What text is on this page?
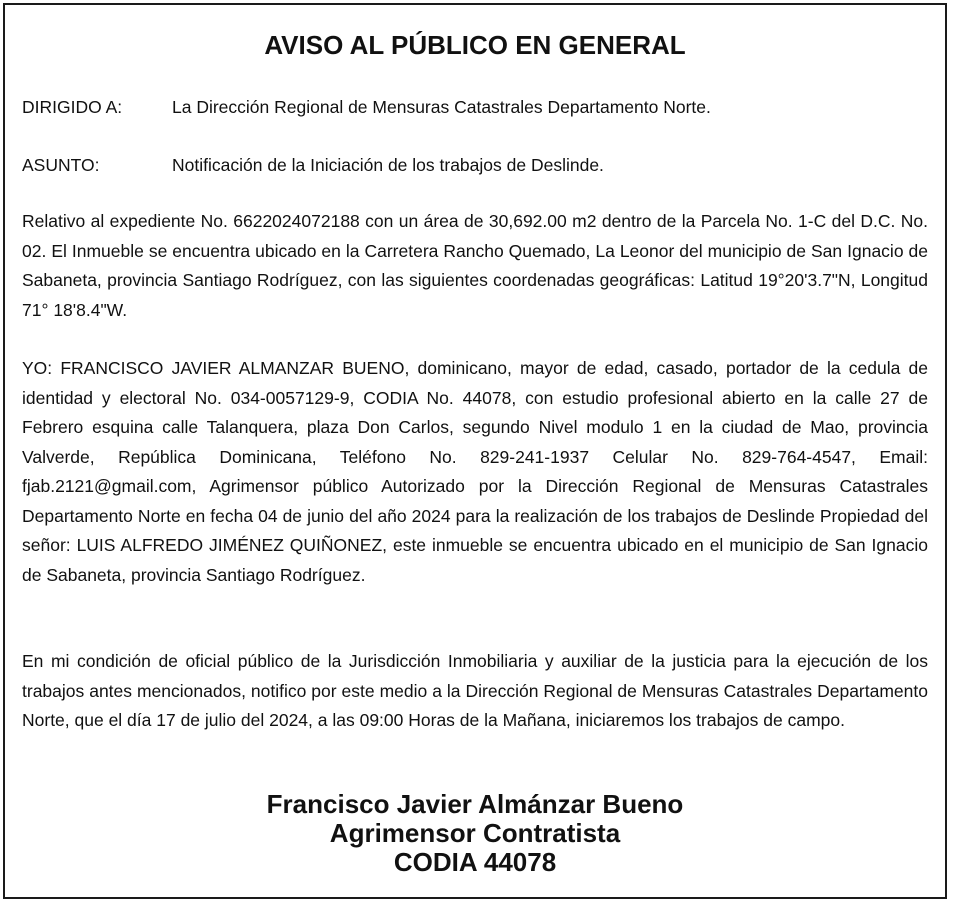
AVISO AL PÚBLICO EN GENERAL
DIRIGIDO A:	La Dirección Regional de Mensuras Catastrales Departamento Norte.
ASUNTO:	Notificación de la Iniciación de los trabajos de Deslinde.
Relativo al expediente No. 6622024072188 con un área de 30,692.00 m2 dentro de la Parcela No. 1-C del D.C. No. 02. El Inmueble se encuentra ubicado en la Carretera Rancho Quemado, La Leonor del municipio de San Ignacio de Sabaneta, provincia Santiago Rodríguez, con las siguientes coordenadas geográficas: Latitud 19°20'3.7"N, Longitud 71° 18'8.4"W.
YO: FRANCISCO JAVIER ALMANZAR BUENO, dominicano, mayor de edad, casado, portador de la cedula de identidad y electoral No. 034-0057129-9, CODIA No. 44078, con estudio profesional abierto en la calle 27 de Febrero esquina calle Talanquera, plaza Don Carlos, segundo Nivel modulo 1 en la ciudad de Mao, provincia Valverde, República Dominicana, Teléfono No. 829-241-1937 Celular No. 829-764-4547, Email: fjab.2121@gmail.com, Agrimensor público Autorizado por la Dirección Regional de Mensuras Catastrales Departamento Norte en fecha 04 de junio del año 2024 para la realización de los trabajos de Deslinde Propiedad del señor: LUIS ALFREDO JIMÉNEZ QUIÑONEZ, este inmueble se encuentra ubicado en el municipio de San Ignacio de Sabaneta, provincia Santiago Rodríguez.
En mi condición de oficial público de la Jurisdicción Inmobiliaria y auxiliar de la justicia para la ejecución de los trabajos antes mencionados, notifico por este medio a la Dirección Regional de Mensuras Catastrales Departamento Norte, que el día 17 de julio del 2024, a las 09:00 Horas de la Mañana, iniciaremos los trabajos de campo.
Francisco Javier Almánzar Bueno
Agrimensor Contratista
CODIA 44078
